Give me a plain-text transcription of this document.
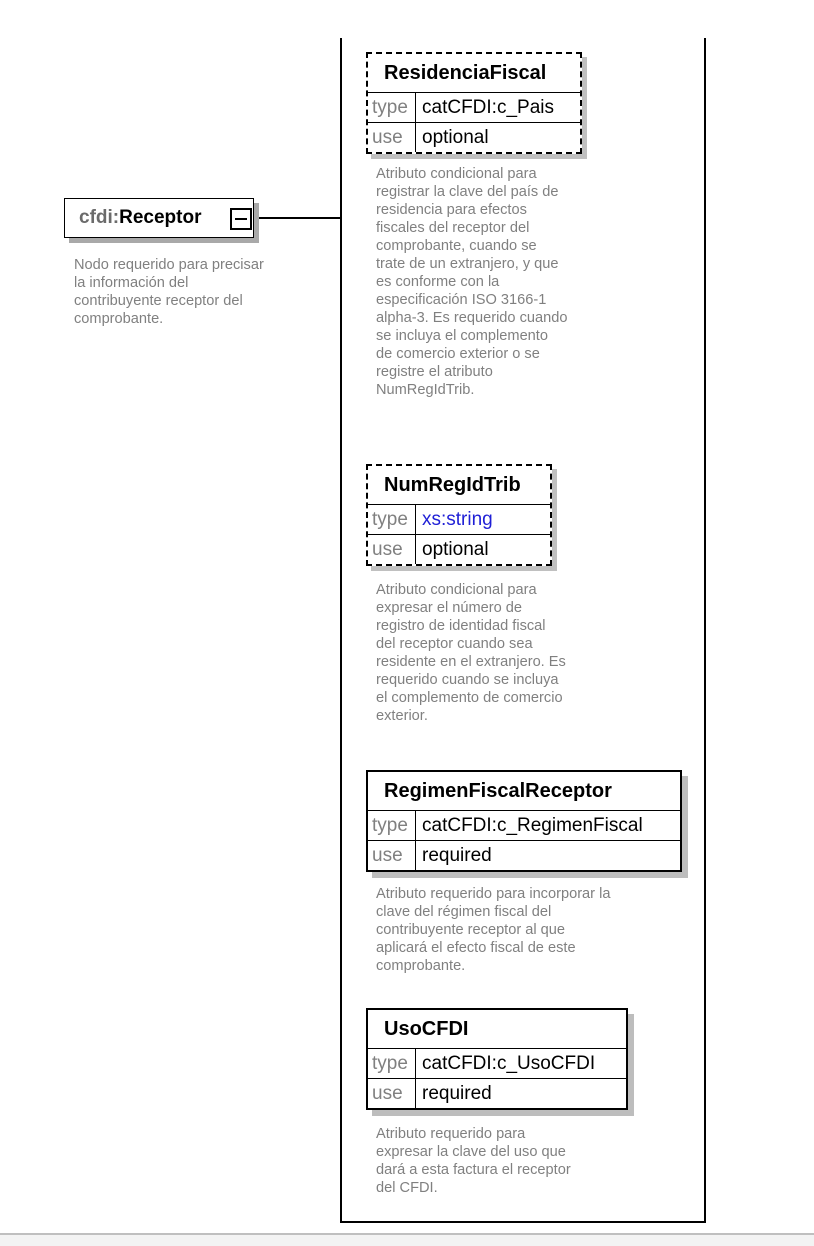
cfdi: Receptor
Nodo requerido para precisar
la información del
contribuyente receptor del
comprobante.
ResidenciaFiscal
type catCFDI:c_Pais
use	optional
Atributo condicional para
registrar la clave del país de
residencia para efectos
fiscales del receptor del
comprobante, cuando se
trate de un extranjero, y que
es conforme con la
especificación ISO 3166-1
alpha-3. Es requerido cuando
se incluya el complemento
de comercio exterior o se
registre el atributo
NumRegIdTrib.
NumRegIdTrib
type xs:string
use	optional
Atributo condicional para
expresar el número de
registro de identidad fiscal
del receptor cuando sea
residente en el extranjero. Es
requerido cuando se incluya
el complemento de comercio
exterior.
RegimenFiscalReceptor
type catCFDI:c_RegimenFiscal
use	required
Atributo requerido para incorporar la
clave del régimen fiscal del
contribuyente receptor al que
aplicará el efecto fiscal de este
comprobante.
UsoCFDI
type catCFDI:c_UsoCFDI
use	required
Atributo requerido para
expresar la clave del uso que
dará a esta factura el receptor
del CFDI.
